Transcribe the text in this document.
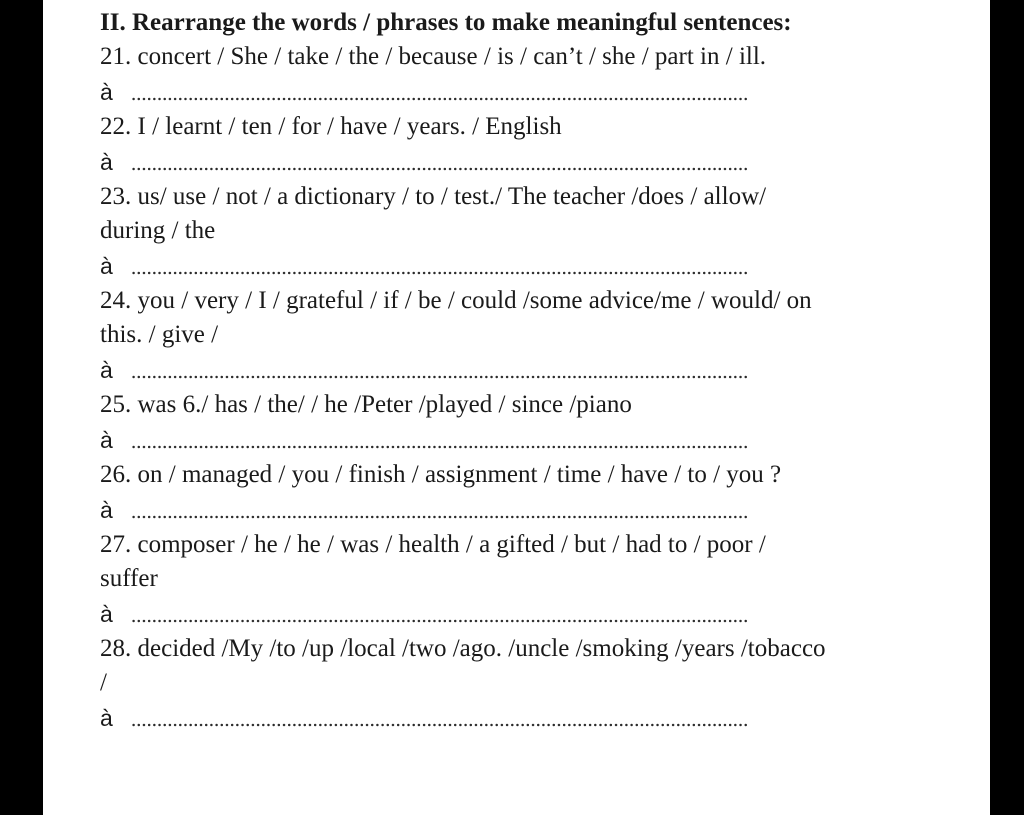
II. Rearrange the words / phrases to make meaningful sentences:
21. concert / She / take / the / because / is / can’t / she / part in / ill.
à
22. I / learnt / ten / for / have / years. / English
à
23. us/ use / not / a dictionary / to / test./ The teacher /does / allow/
during / the
à
24. you / very / I / grateful / if / be / could /some advice/me / would/ on
this. / give /
à
25. was 6./ has / the/ / he /Peter /played / since /piano
à
26. on / managed / you / finish / assignment / time / have / to / you ?
à
27. composer / he / he / was / health / a gifted / but / had to / poor /
suffer
à
28. decided /My /to /up /local /two /ago. /uncle /smoking /years /tobacco
/
à
